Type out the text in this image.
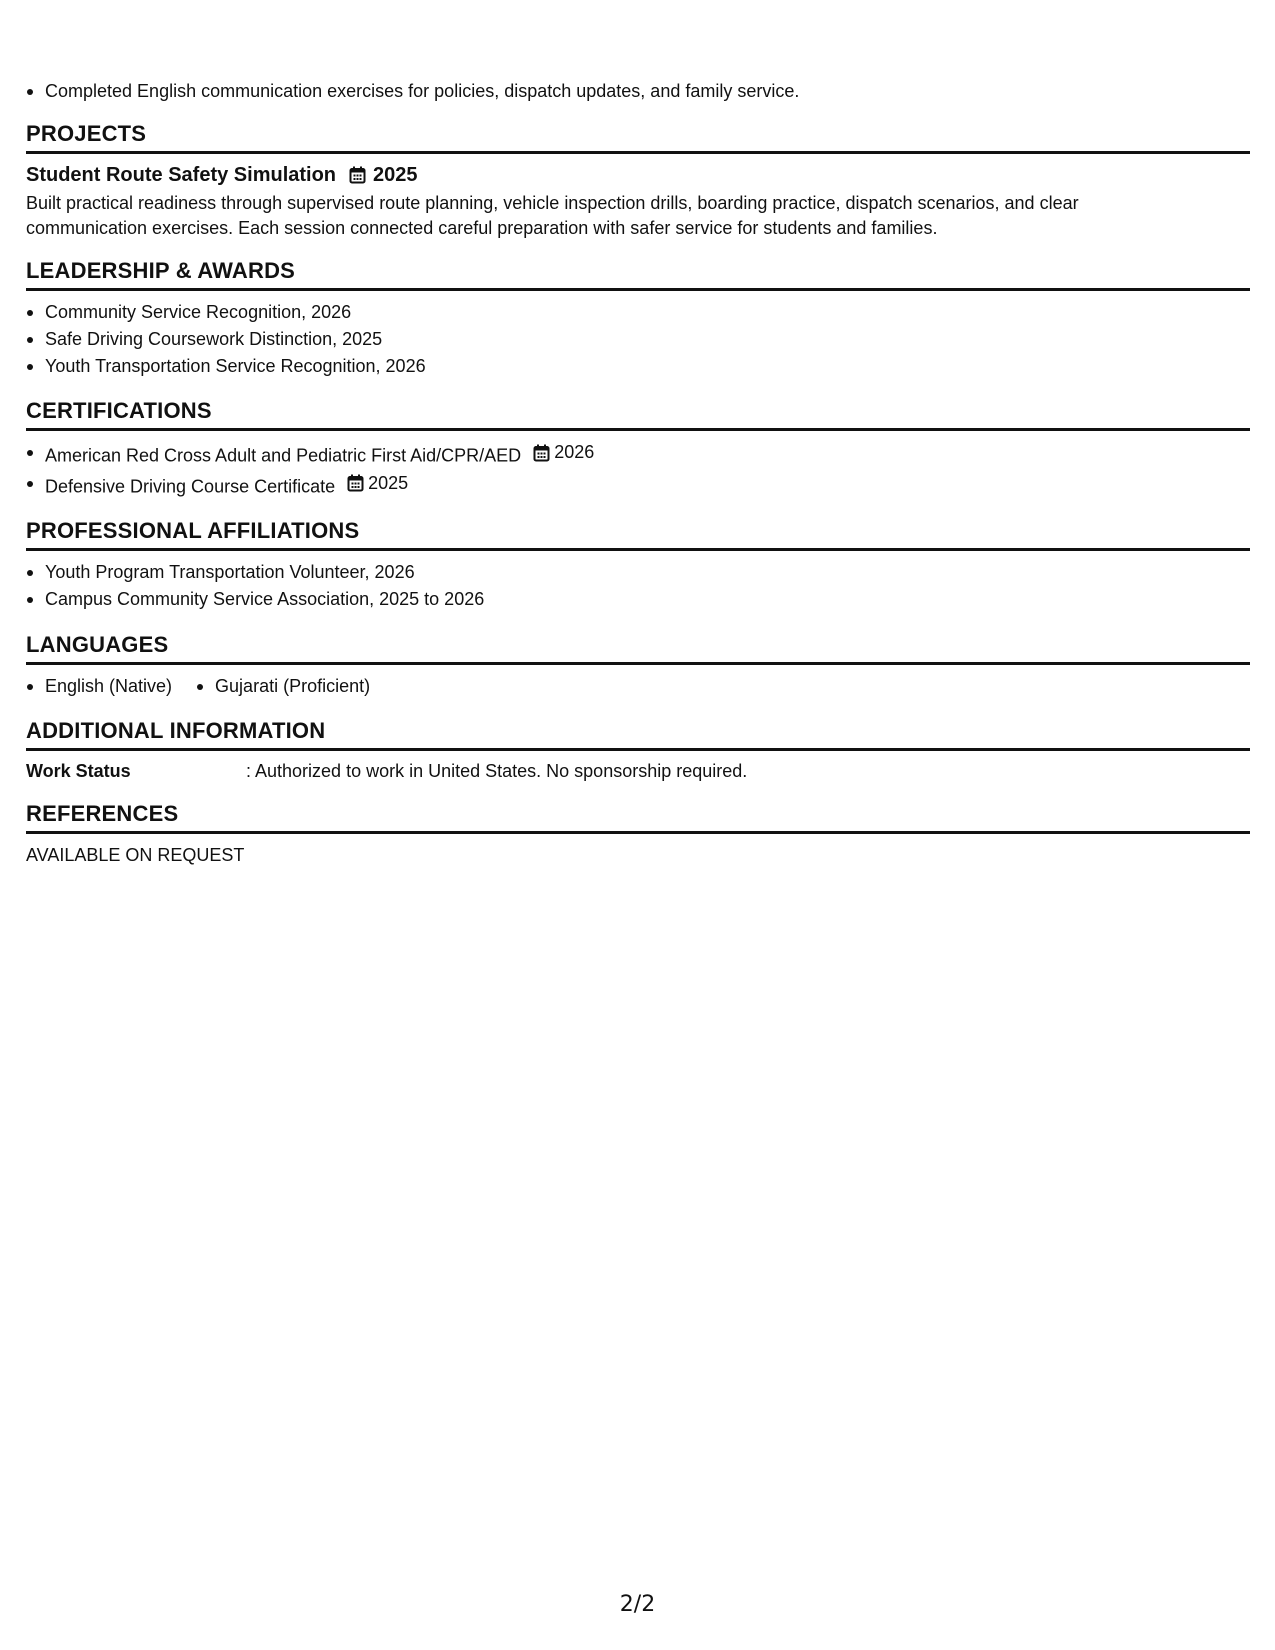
Completed English communication exercises for policies, dispatch updates, and family service.
PROJECTS
Student Route Safety Simulation 2025
Built practical readiness through supervised route planning, vehicle inspection drills, boarding practice, dispatch scenarios, and clear communication exercises. Each session connected careful preparation with safer service for students and families.
LEADERSHIP & AWARDS
Community Service Recognition, 2026
Safe Driving Coursework Distinction, 2025
Youth Transportation Service Recognition, 2026
CERTIFICATIONS
American Red Cross Adult and Pediatric First Aid/CPR/AED 2026
Defensive Driving Course Certificate 2025
PROFESSIONAL AFFILIATIONS
Youth Program Transportation Volunteer, 2026
Campus Community Service Association, 2025 to 2026
LANGUAGES
English (Native)	Gujarati (Proficient)
ADDITIONAL INFORMATION
Work Status	: Authorized to work in United States. No sponsorship required.
REFERENCES
AVAILABLE ON REQUEST
2/2
